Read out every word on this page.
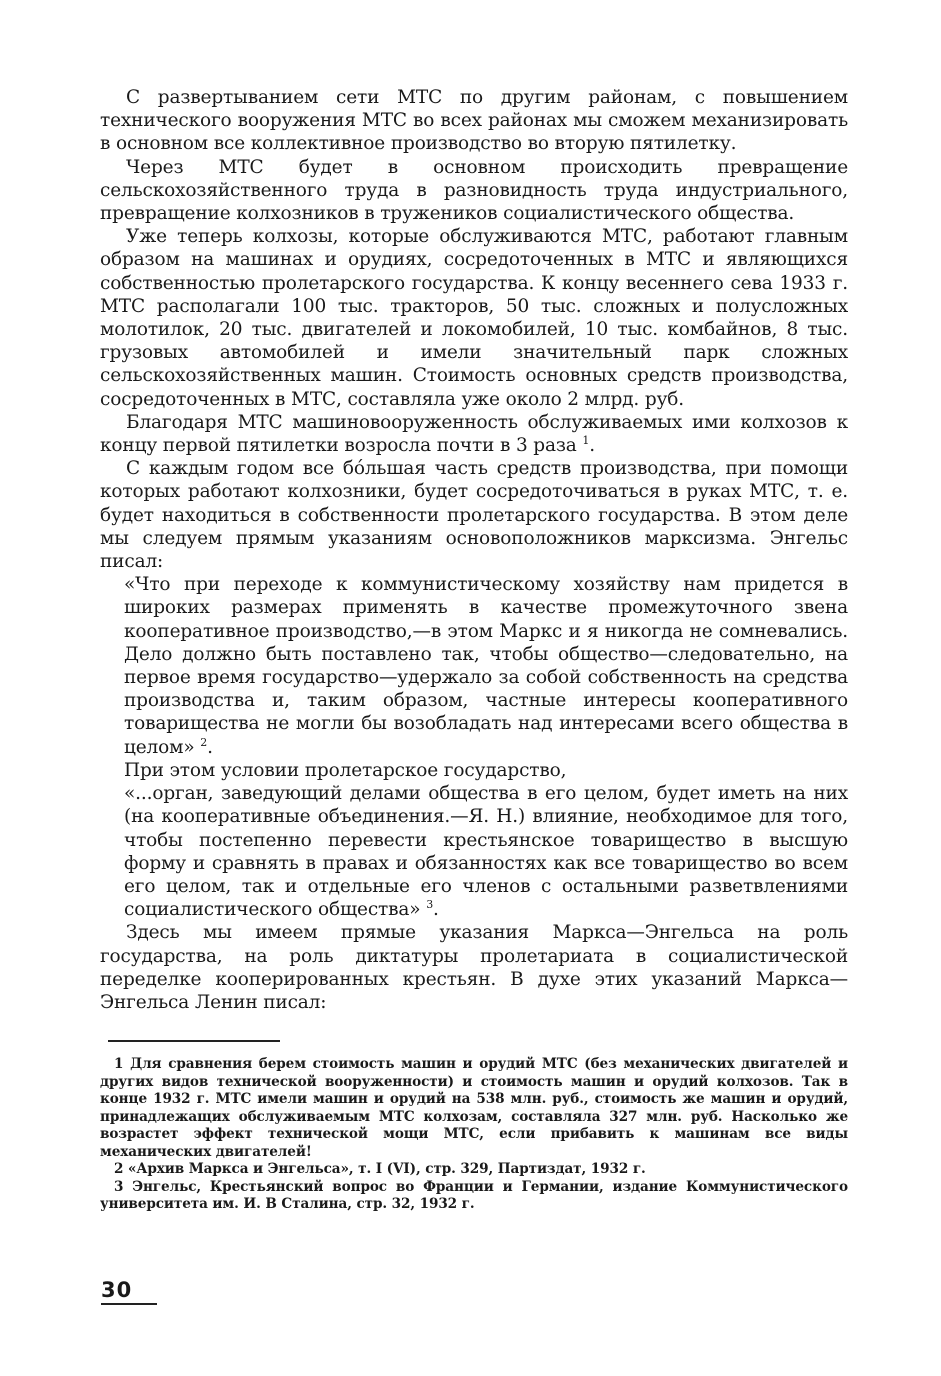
С развертыванием сети МТС по другим районам, с повышением технического вооружения МТС во всех районах мы сможем механизировать в основном все коллективное производство во вторую пятилетку.

Через МТС будет в основном происходить превращение сельскохозяйственного труда в разновидность труда индустриального, превращение колхозников в тружеников социалистического общества.

Уже теперь колхозы, которые обслуживаются МТС, работают главным образом на машинах и орудиях, сосредоточенных в МТС и являющихся собственностью пролетарского государства. К концу весеннего сева 1933 г. МТС располагали 100 тыс. тракторов, 50 тыс. сложных и полусложных молотилок, 20 тыс. двигателей и локомобилей, 10 тыс. комбайнов, 8 тыс. грузовых автомобилей и имели значительный парк сложных сельскохозяйственных машин. Стоимость основных средств производства, сосредоточенных в МТС, составляла уже около 2 млрд. руб.

Благодаря МТС машиновооруженность обслуживаемых ими колхозов к концу первой пятилетки возросла почти в 3 раза $^1$.

С каждым годом все бо́льшая часть средств производства, при помощи которых работают колхозники, будет сосредоточиваться в руках МТС, т. е. будет находиться в собственности пролетарского государства. В этом деле мы следуем прямым указаниям основоположников марксизма. Энгельс писал:

«Что при переходе к коммунистическому хозяйству нам придется в широких размерах применять в качестве промежуточного звена кооперативное производство,—в этом Маркс и я никогда не сомневались. Дело должно быть поставлено так, чтобы общество—следовательно, на первое время государство—удержало за собой собственность на средства производства и, таким образом, частные интересы кооперативного товарищества не могли бы возобладать над интересами всего общества в целом» $^2$.

При этом условии пролетарское государство,

«...орган, заведующий делами общества в его целом, будет иметь на них (на кооперативные объединения.—Я. Н.) влияние, необходимое для того, чтобы постепенно перевести крестьянское товарищество в высшую форму и сравнять в правах и обязанностях как все товарищество во всем его целом, так и отдельные его членов с остальными разветвлениями социалистического общества» $^3$.

Здесь мы имеем прямые указания Маркса—Энгельса на роль государства, на роль диктатуры пролетариата в социалистической переделке кооперированных крестьян. В духе этих указаний Маркса—Энгельса Ленин писал:

1 Для сравнения берем стоимость машин и орудий МТС (без механических двигателей и других видов технической вооруженности) и стоимость машин и орудий колхозов. Так в конце 1932 г. МТС имели машин и орудий на 538 млн. руб., стоимость же машин и орудий, принадлежащих обслуживаемым МТС колхозам, составляла 327 млн. руб. Насколько же возрастет эффект технической мощи МТС, если прибавить к машинам все виды механических двигателей!

2 «Архив Маркса и Энгельса», т. I (VI), стр. 329, Партиздат, 1932 г.

3 Энгельс, Крестьянский вопрос во Франции и Германии, издание Коммунистического университета им. И. В Сталина, стр. 32, 1932 г.

30
